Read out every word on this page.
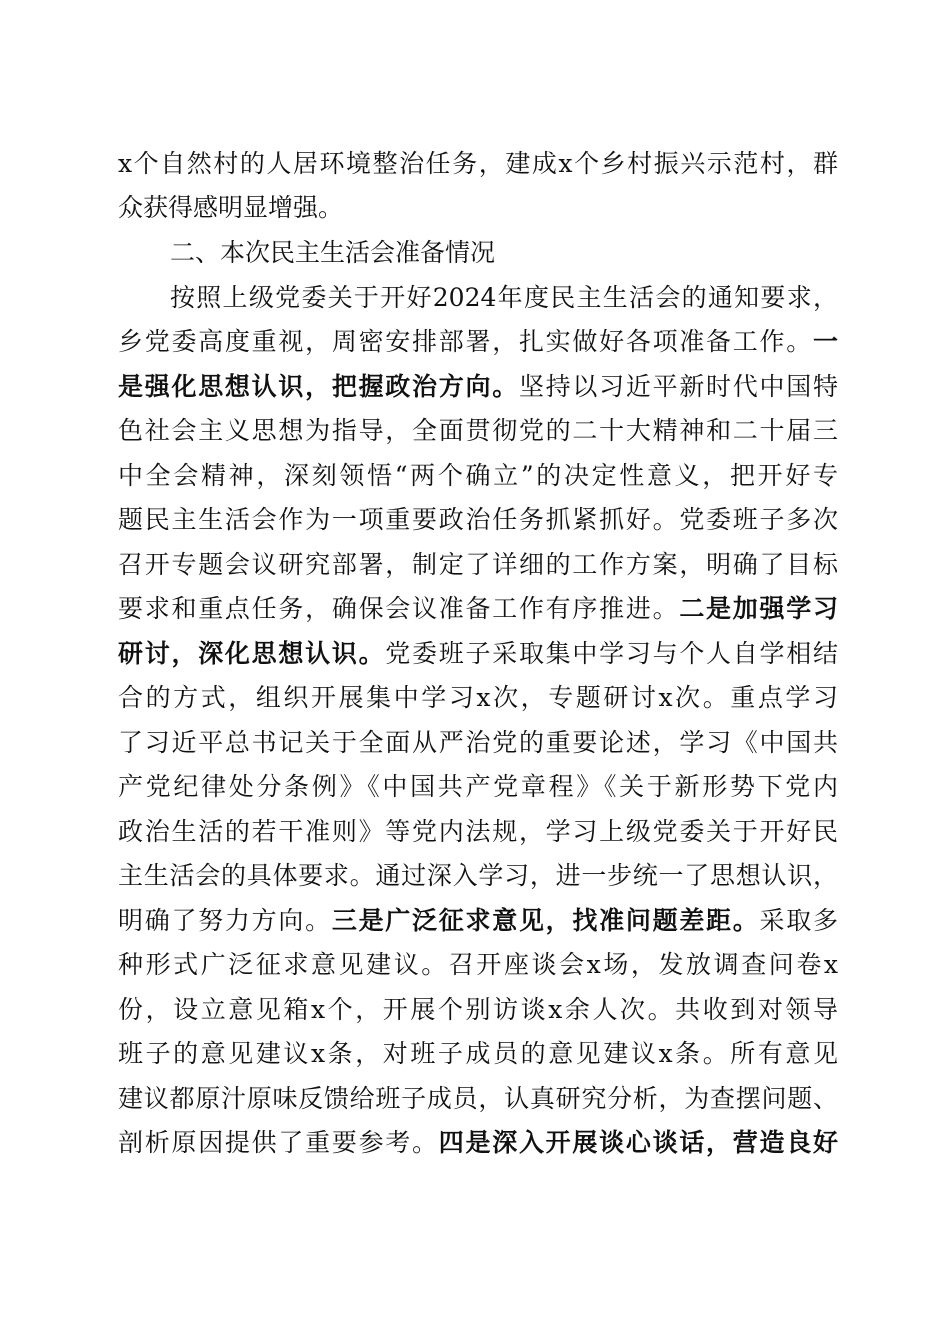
x个自然村的人居环境整治任务，建成x个乡村振兴示范村，群
众获得感明显增强。
二、本次民主生活会准备情况
按照上级党委关于开好2024年度民主生活会的通知要求，
乡党委高度重视，周密安排部署，扎实做好各项准备工作。一
是强化思想认识，把握政治方向。坚持以习近平新时代中国特
色社会主义思想为指导，全面贯彻党的二十大精神和二十届三
中全会精神，深刻领悟“两个确立”的决定性意义，把开好专
题民主生活会作为一项重要政治任务抓紧抓好。党委班子多次
召开专题会议研究部署，制定了详细的工作方案，明确了目标
要求和重点任务，确保会议准备工作有序推进。二是加强学习
研讨，深化思想认识。党委班子采取集中学习与个人自学相结
合的方式，组织开展集中学习x次，专题研讨x次。重点学习
了习近平总书记关于全面从严治党的重要论述，学习《中国共
产党纪律处分条例》《中国共产党章程》《关于新形势下党内
政治生活的若干准则》等党内法规，学习上级党委关于开好民
主生活会的具体要求。通过深入学习，进一步统一了思想认识，
明确了努力方向。三是广泛征求意见，找准问题差距。采取多
种形式广泛征求意见建议。召开座谈会x场，发放调查问卷x
份，设立意见箱x个，开展个别访谈x余人次。共收到对领导
班子的意见建议x条，对班子成员的意见建议x条。所有意见
建议都原汁原味反馈给班子成员，认真研究分析，为查摆问题、
剖析原因提供了重要参考。四是深入开展谈心谈话，营造良好
